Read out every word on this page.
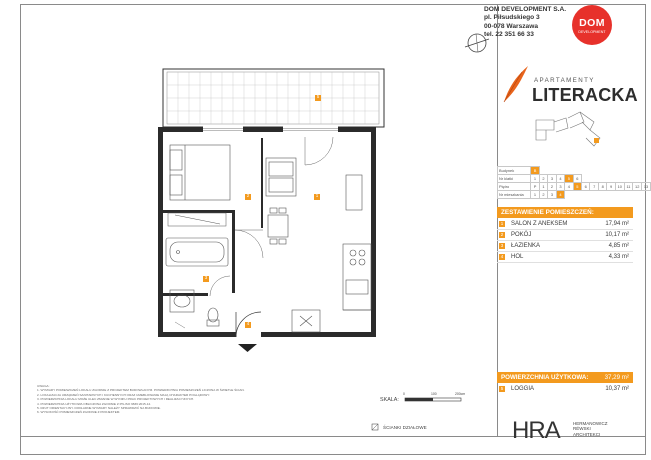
0	100	200cm
DOM DEVELOPMENT S.A.
pl. Piłsudskiego 3
00-078 Warszawa
tel. 22 351 66 33
DOM
DEVELOPMENT
APARTAMENTY
LITERACKA
Budynek	B													
Nr klatki	1	2	3	4	5	6								
Piętro	P	1	2	3	4	5	6	7	8	9	10	11	12	13
Nr mieszkania	1	2	3	4										
ZESTAWIENIE POMIESZCZEŃ:
1 SALON Z ANEKSEM	17,94 m²
2 POKÓJ	10,17 m²
3 ŁAZIENKA	4,85 m²
4 HOL	4,33 m²
POWIERZCHNIA UŻYTKOWA:	37,29 m²
5 LOGGIA	10,37 m²
UWAGA:
1. WYMIARY POMIESZCZEŃ LOKALU ZGODNIE Z PROJEKTEM BUDOWLANYM. POWIERZCHNIA POMIESZCZEŃ LICZONA W ŚWIETLE ŚCIAN.
2. LOKALIZACJA URZĄDZEŃ SANITARNYCH I KUCHENNYCH ORAZ UMEBLOWANIE MAJĄ CHARAKTER POGLĄDOWY.
3. POWIERZCHNIA LOKALU MOŻE ULEC ZMIANIE W WYNIKU PRAC PROJEKTOWYCH I REALIZACYJNYCH.
4. POWIERZCHNIA UŻYTKOWA OBLICZONA ZGODNIE Z PN-ISO 9836:2015-12.
5. RZUT ORIENTACYJNY. DOKŁADNE WYMIARY NALEŻY SPRAWDZIĆ NA BUDOWIE.
6. WYSOKOŚĆ POMIESZCZEŃ ZGODNIE Z PROJEKTEM.
SKALA:
ŚCIANKI DZIAŁOWE
5
2	1
3
4
HRA	HERMANOWICZ
RÉWSKI
ARCHITEKCI
